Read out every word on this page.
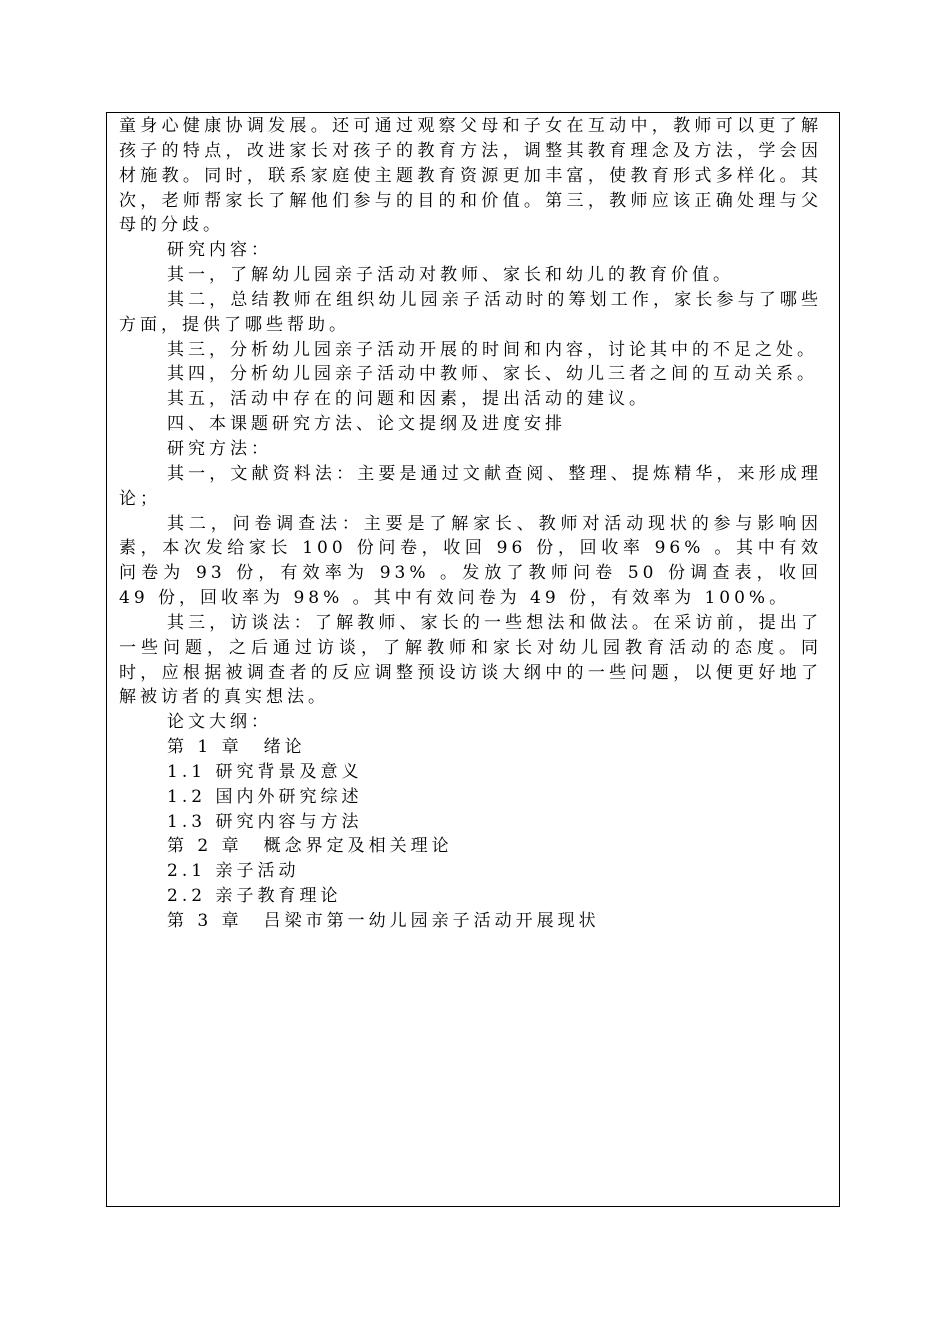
童身心健康协调发展。还可通过观察父母和子女在互动中，教师可以更了解孩子的特点，改进家长对孩子的教育方法，调整其教育理念及方法，学会因材施教。同时，联系家庭使主题教育资源更加丰富，使教育形式多样化。其次，老师帮家长了解他们参与的目的和价值。第三，教师应该正确处理与父母的分歧。

研究内容：

其一，了解幼儿园亲子活动对教师、家长和幼儿的教育价值。

其二，总结教师在组织幼儿园亲子活动时的筹划工作，家长参与了哪些方面，提供了哪些帮助。

其三，分析幼儿园亲子活动开展的时间和内容，讨论其中的不足之处。

其四，分析幼儿园亲子活动中教师、家长、幼儿三者之间的互动关系。

其五，活动中存在的问题和因素，提出活动的建议。

四、本课题研究方法、论文提纲及进度安排

研究方法：

其一，文献资料法：主要是通过文献查阅、整理、提炼精华，来形成理论；

其二，问卷调查法：主要是了解家长、教师对活动现状的参与影响因素，本次发给家长 100 份问卷，收回 96 份，回收率 96% 。其中有效问卷为 93 份，有效率为 93% 。发放了教师问卷 50 份调查表，收回 49 份，回收率为 98% 。其中有效问卷为 49 份，有效率为 100%。

其三，访谈法：了解教师、家长的一些想法和做法。在采访前，提出了一些问题，之后通过访谈，了解教师和家长对幼儿园教育活动的态度。同时，应根据被调查者的反应调整预设访谈大纲中的一些问题，以便更好地了解被访者的真实想法。

论文大纲：

第 1 章　绪论

1.1 研究背景及意义

1.2 国内外研究综述

1.3 研究内容与方法

第 2 章　概念界定及相关理论

2.1 亲子活动

2.2 亲子教育理论

第 3 章　吕梁市第一幼儿园亲子活动开展现状
